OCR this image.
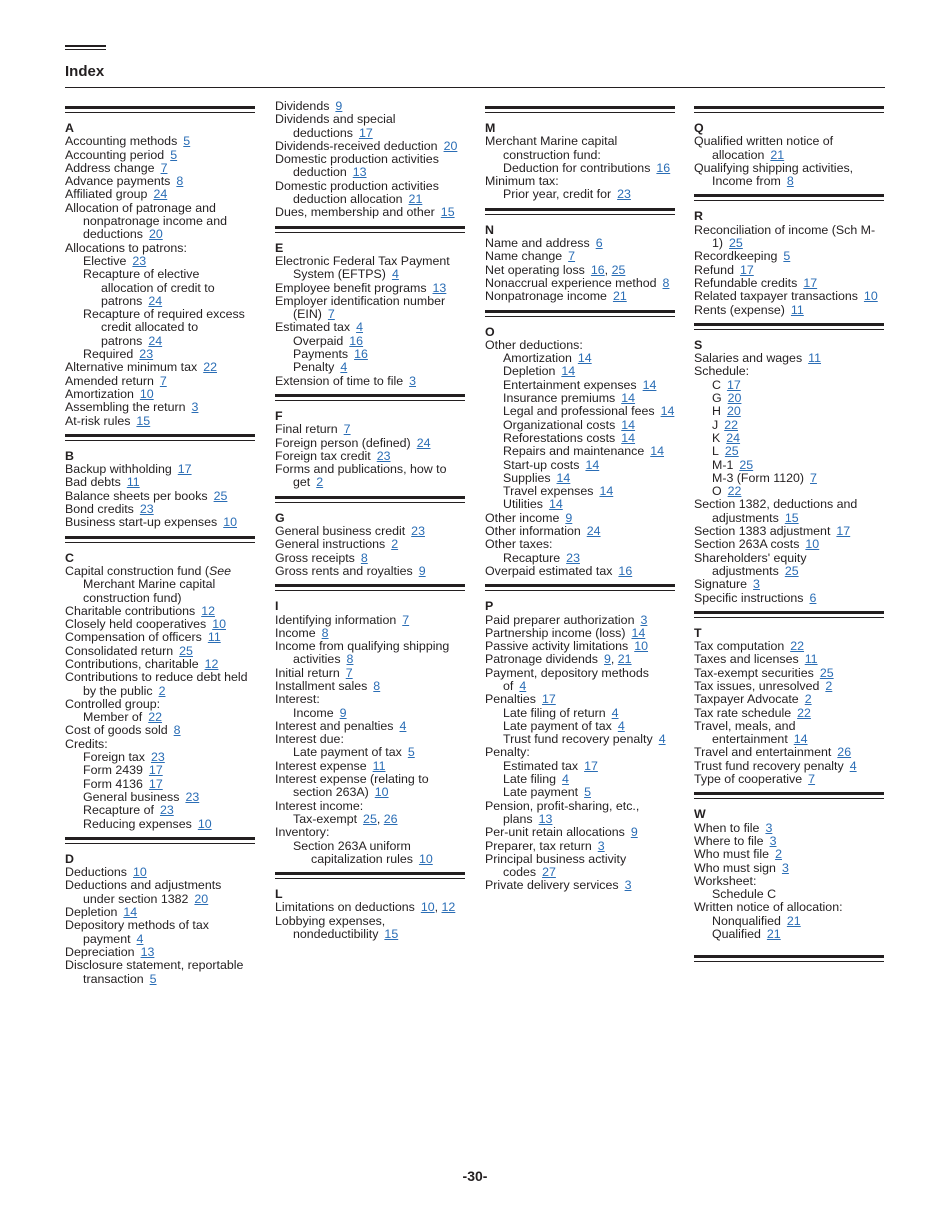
Index
A
Accounting methods 5
Accounting period 5
Address change 7
Advance payments 8
Affiliated group 24
Allocation of patronage and nonpatronage income and deductions 20
Allocations to patrons:
Elective 23
Recapture of elective allocation of credit to patrons 24
Recapture of required excess credit allocated to patrons 24
Required 23
Alternative minimum tax 22
Amended return 7
Amortization 10
Assembling the return 3
At-risk rules 15
B
Backup withholding 17
Bad debts 11
Balance sheets per books 25
Bond credits 23
Business start-up expenses 10
C
Capital construction fund (See Merchant Marine capital construction fund)
Charitable contributions 12
Closely held cooperatives 10
Compensation of officers 11
Consolidated return 25
Contributions, charitable 12
Contributions to reduce debt held by the public 2
Controlled group:
Member of 22
Cost of goods sold 8
Credits:
Foreign tax 23
Form 2439 17
Form 4136 17
General business 23
Recapture of 23
Reducing expenses 10
D
Deductions 10
Deductions and adjustments under section 1382 20
Depletion 14
Depository methods of tax payment 4
Depreciation 13
Disclosure statement, reportable transaction 5
Dividends 9
Dividends and special deductions 17
Dividends-received deduction 20
Domestic production activities deduction 13
Domestic production activities deduction allocation 21
Dues, membership and other 15
E
Electronic Federal Tax Payment System (EFTPS) 4
Employee benefit programs 13
Employer identification number (EIN) 7
Estimated tax 4
Overpaid 16
Payments 16
Penalty 4
Extension of time to file 3
F
Final return 7
Foreign person (defined) 24
Foreign tax credit 23
Forms and publications, how to get 2
G
General business credit 23
General instructions 2
Gross receipts 8
Gross rents and royalties 9
I
Identifying information 7
Income 8
Income from qualifying shipping activities 8
Initial return 7
Installment sales 8
Interest:
Income 9
Interest and penalties 4
Interest due:
Late payment of tax 5
Interest expense 11
Interest expense (relating to section 263A) 10
Interest income:
Tax-exempt 25, 26
Inventory:
Section 263A uniform capitalization rules 10
L
Limitations on deductions 10, 12
Lobbying expenses, nondeductibility 15
M
Merchant Marine capital construction fund:
Deduction for contributions 16
Minimum tax:
Prior year, credit for 23
N
Name and address 6
Name change 7
Net operating loss 16, 25
Nonaccrual experience method 8
Nonpatronage income 21
O
Other deductions:
Amortization 14
Depletion 14
Entertainment expenses 14
Insurance premiums 14
Legal and professional fees 14
Organizational costs 14
Reforestations costs 14
Repairs and maintenance 14
Start-up costs 14
Supplies 14
Travel expenses 14
Utilities 14
Other income 9
Other information 24
Other taxes:
Recapture 23
Overpaid estimated tax 16
P
Paid preparer authorization 3
Partnership income (loss) 14
Passive activity limitations 10
Patronage dividends 9, 21
Payment, depository methods of 4
Penalties 17
Late filing of return 4
Late payment of tax 4
Trust fund recovery penalty 4
Penalty:
Estimated tax 17
Late filing 4
Late payment 5
Pension, profit-sharing, etc., plans 13
Per-unit retain allocations 9
Preparer, tax return 3
Principal business activity codes 27
Private delivery services 3
Q
Qualified written notice of allocation 21
Qualifying shipping activities, Income from 8
R
Reconciliation of income (Sch M-1) 25
Recordkeeping 5
Refund 17
Refundable credits 17
Related taxpayer transactions 10
Rents (expense) 11
S
Salaries and wages 11
Schedule:
C 17
G 20
H 20
J 22
K 24
L 25
M-1 25
M-3 (Form 1120) 7
O 22
Section 1382, deductions and adjustments 15
Section 1383 adjustment 17
Section 263A costs 10
Shareholders' equity adjustments 25
Signature 3
Specific instructions 6
T
Tax computation 22
Taxes and licenses 11
Tax-exempt securities 25
Tax issues, unresolved 2
Taxpayer Advocate 2
Tax rate schedule 22
Travel, meals, and entertainment 14
Travel and entertainment 26
Trust fund recovery penalty 4
Type of cooperative 7
W
When to file 3
Where to file 3
Who must file 2
Who must sign 3
Worksheet:
Schedule C
Written notice of allocation:
Nonqualified 21
Qualified 21
-30-
